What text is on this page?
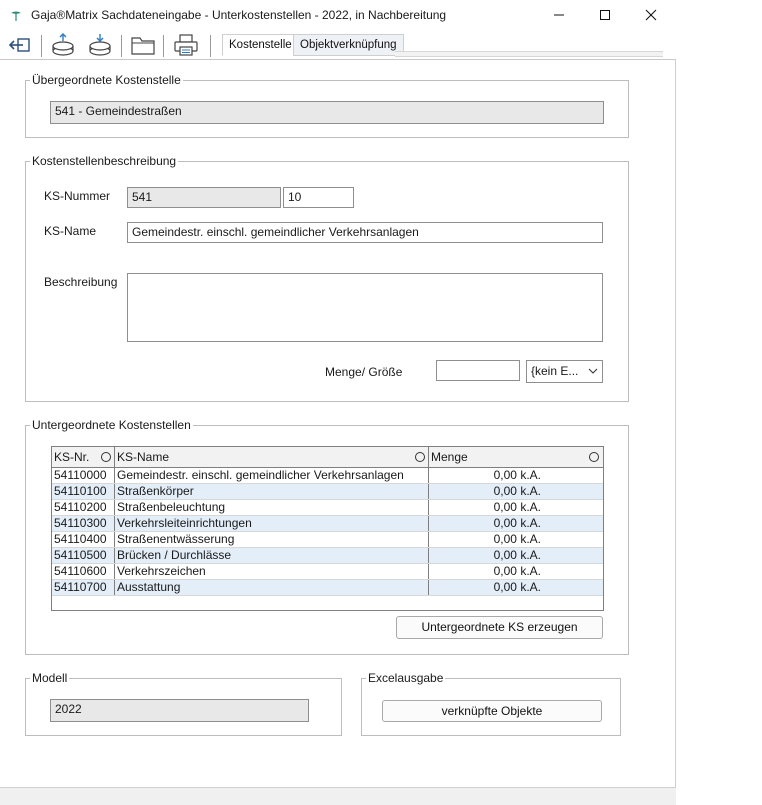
Gaja®Matrix Sachdateneingabe - Unterkostenstellen - 2022, in Nachbereitung
Kostenstelle Objektverknüpfung
Übergeordnete Kostenstelle
541 - Gemeindestraßen
Kostenstellenbeschreibung
KS-Nummer	541	10
KS-Name	Gemeindestr. einschl. gemeindlicher Verkehrsanlagen
Beschreibung
Menge/ Größe	{kein E...
Untergeordnete Kostenstellen
KS-Nr.	KS-Name	Menge
54110000 Gemeindestr. einschl. gemeindlicher Verkehrsanlagen	0,00 k.A.
54110100 Straßenkörper	0,00 k.A.
54110200 Straßenbeleuchtung	0,00 k.A.
54110300 Verkehrsleiteinrichtungen	0,00 k.A.
54110400 Straßenentwässerung	0,00 k.A.
54110500 Brücken / Durchlässe	0,00 k.A.
54110600 Verkehrszeichen	0,00 k.A.
54110700 Ausstattung	0,00 k.A.
Untergeordnete KS erzeugen
Modell
2022
Excelausgabe
verknüpfte Objekte
